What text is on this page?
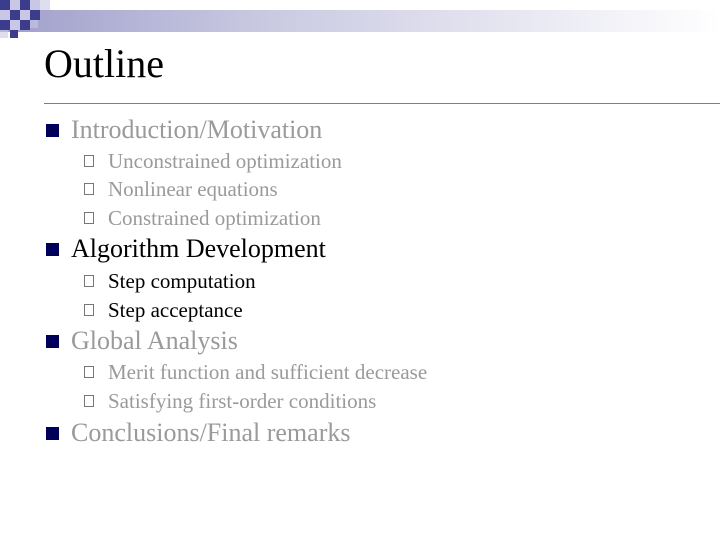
Outline
Introduction/Motivation
Unconstrained optimization
Nonlinear equations
Constrained optimization
Algorithm Development
Step computation
Step acceptance
Global Analysis
Merit function and sufficient decrease
Satisfying first-order conditions
Conclusions/Final remarks
